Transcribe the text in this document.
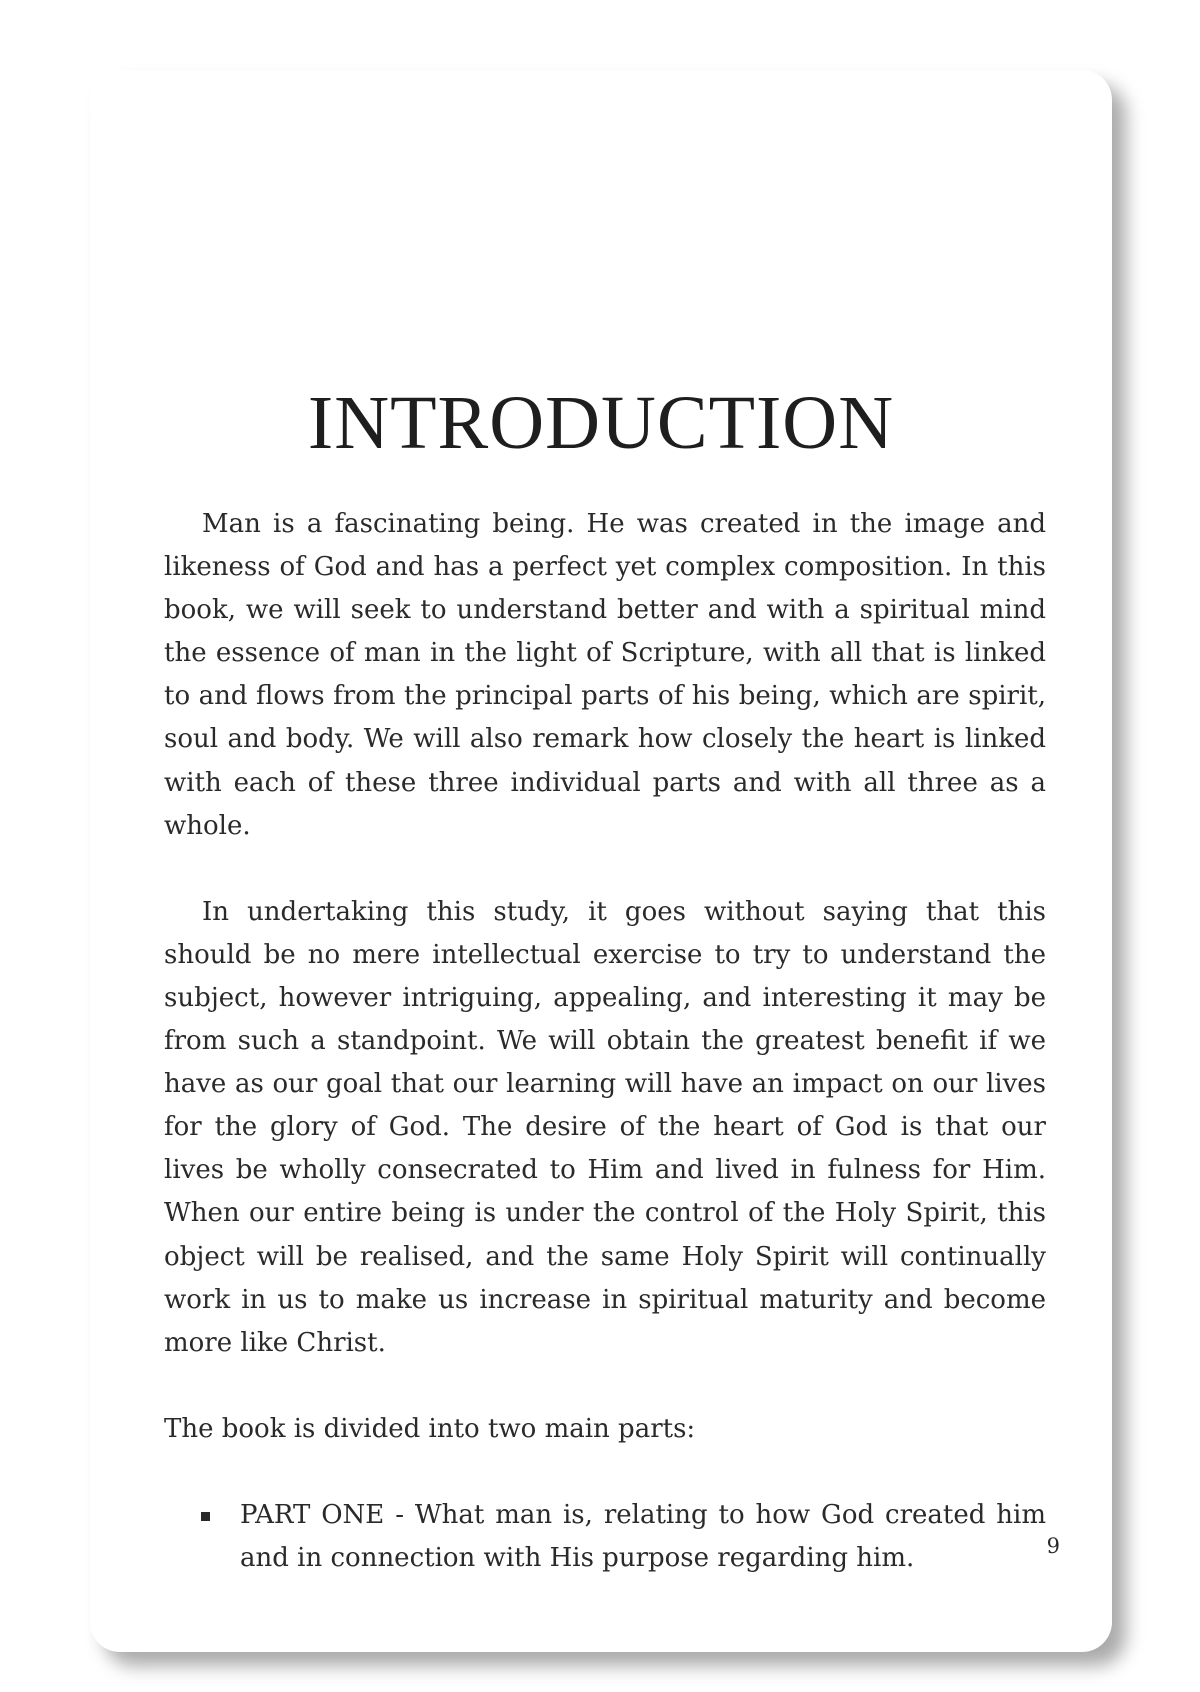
INTRODUCTION

Man is a fascinating being. He was created in the image and likeness of God and has a perfect yet complex composition. In this book, we will seek to understand better and with a spiritual mind the essence of man in the light of Scripture, with all that is linked to and flows from the principal parts of his being, which are spirit, soul and body. We will also remark how closely the heart is linked with each of these three individual parts and with all three as a whole.

In undertaking this study, it goes without saying that this should be no mere intellectual exercise to try to understand the subject, however intriguing, appealing, and interesting it may be from such a standpoint. We will obtain the greatest benefit if we have as our goal that our learning will have an impact on our lives for the glory of God. The desire of the heart of God is that our lives be wholly consecrated to Him and lived in fulness for Him. When our entire being is under the control of the Holy Spirit, this object will be realised, and the same Holy Spirit will continually work in us to make us increase in spiritual maturity and become more like Christ.

The book is divided into two main parts:

PART ONE - What man is, relating to how God created him and in connection with His purpose regarding him.	9
